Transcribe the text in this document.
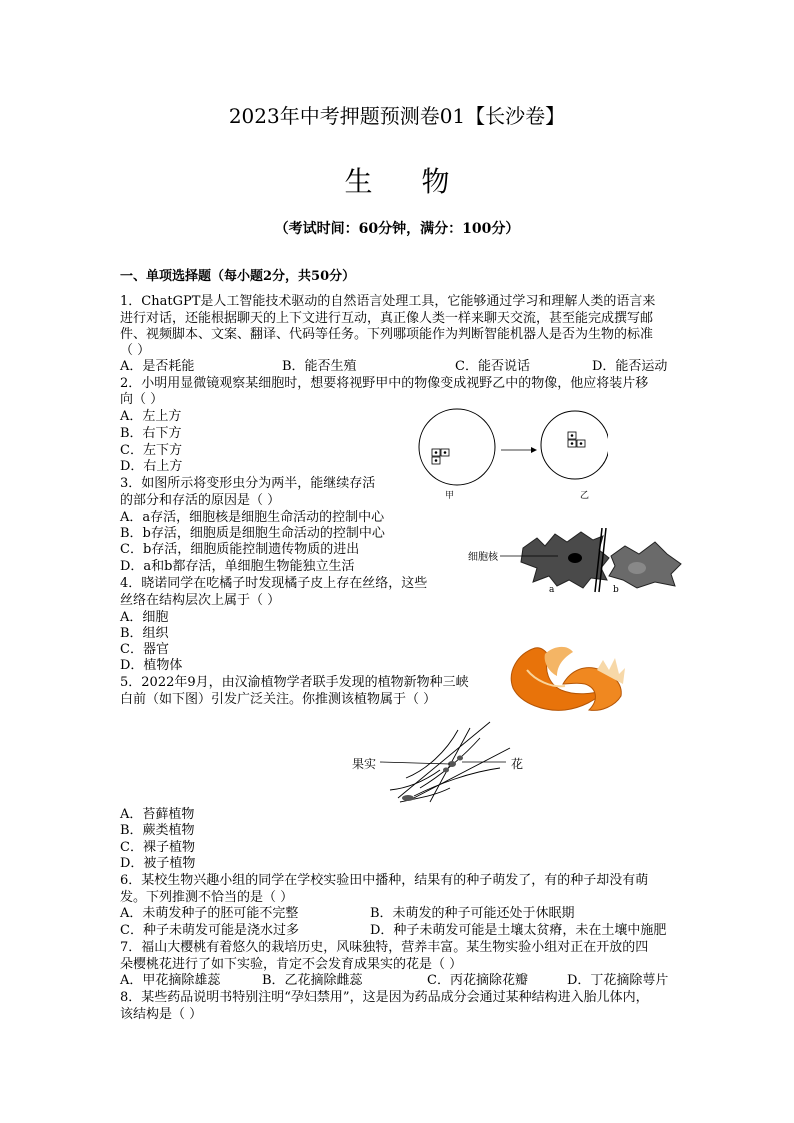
2023年中考押题预测卷01【长沙卷】
生 物
（考试时间：60分钟，满分：100分）
一、单项选择题（每小题2分，共50分）
1．ChatGPT是人工智能技术驱动的自然语言处理工具，它能够通过学习和理解人类的语言来
进行对话，还能根据聊天的上下文进行互动，真正像人类一样来聊天交流，甚至能完成撰写邮
件、视频脚本、文案、翻译、代码等任务。下列哪项能作为判断智能机器人是否为生物的标准
（ ）
A．是否耗能	B．能否生殖	C．能否说话	D．能否运动
2．小明用显微镜观察某细胞时，想要将视野甲中的物像变成视野乙中的物像，他应将装片移
向（ ）
A．左上方
B．右下方
C．左下方
D．右上方
甲	乙
3．如图所示将变形虫分为两半，能继续存活
的部分和存活的原因是（ ）
A．a存活，细胞核是细胞生命活动的控制中心
B．b存活，细胞质是细胞生命活动的控制中心
C．b存活，细胞质能控制遗传物质的进出
D．a和b都存活，单细胞生物能独立生活
细胞核
a	b
4．晓诺同学在吃橘子时发现橘子皮上存在丝络，这些
丝络在结构层次上属于（ ）
A．细胞
B．组织
C．器官
D．植物体
5．2022年9月，由汉渝植物学者联手发现的植物新物种三峡
白前（如下图）引发广泛关注。你推测该植物属于（ ）
果实	花
A．苔藓植物
B．蕨类植物
C．裸子植物
D．被子植物
6．某校生物兴趣小组的同学在学校实验田中播种，结果有的种子萌发了，有的种子却没有萌
发。下列推测不恰当的是（ ）
A．未萌发种子的胚可能不完整	B．未萌发的种子可能还处于休眠期
C．种子未萌发可能是浇水过多	D．种子未萌发可能是土壤太贫瘠，未在土壤中施肥
7．福山大樱桃有着悠久的栽培历史，风味独特，营养丰富。某生物实验小组对正在开放的四
朵樱桃花进行了如下实验，肯定不会发育成果实的花是（ ）
A．甲花摘除雄蕊	B．乙花摘除雌蕊	C．丙花摘除花瓣	D．丁花摘除萼片
8．某些药品说明书特别注明“孕妇禁用”，这是因为药品成分会通过某种结构进入胎儿体内，
该结构是（ ）
